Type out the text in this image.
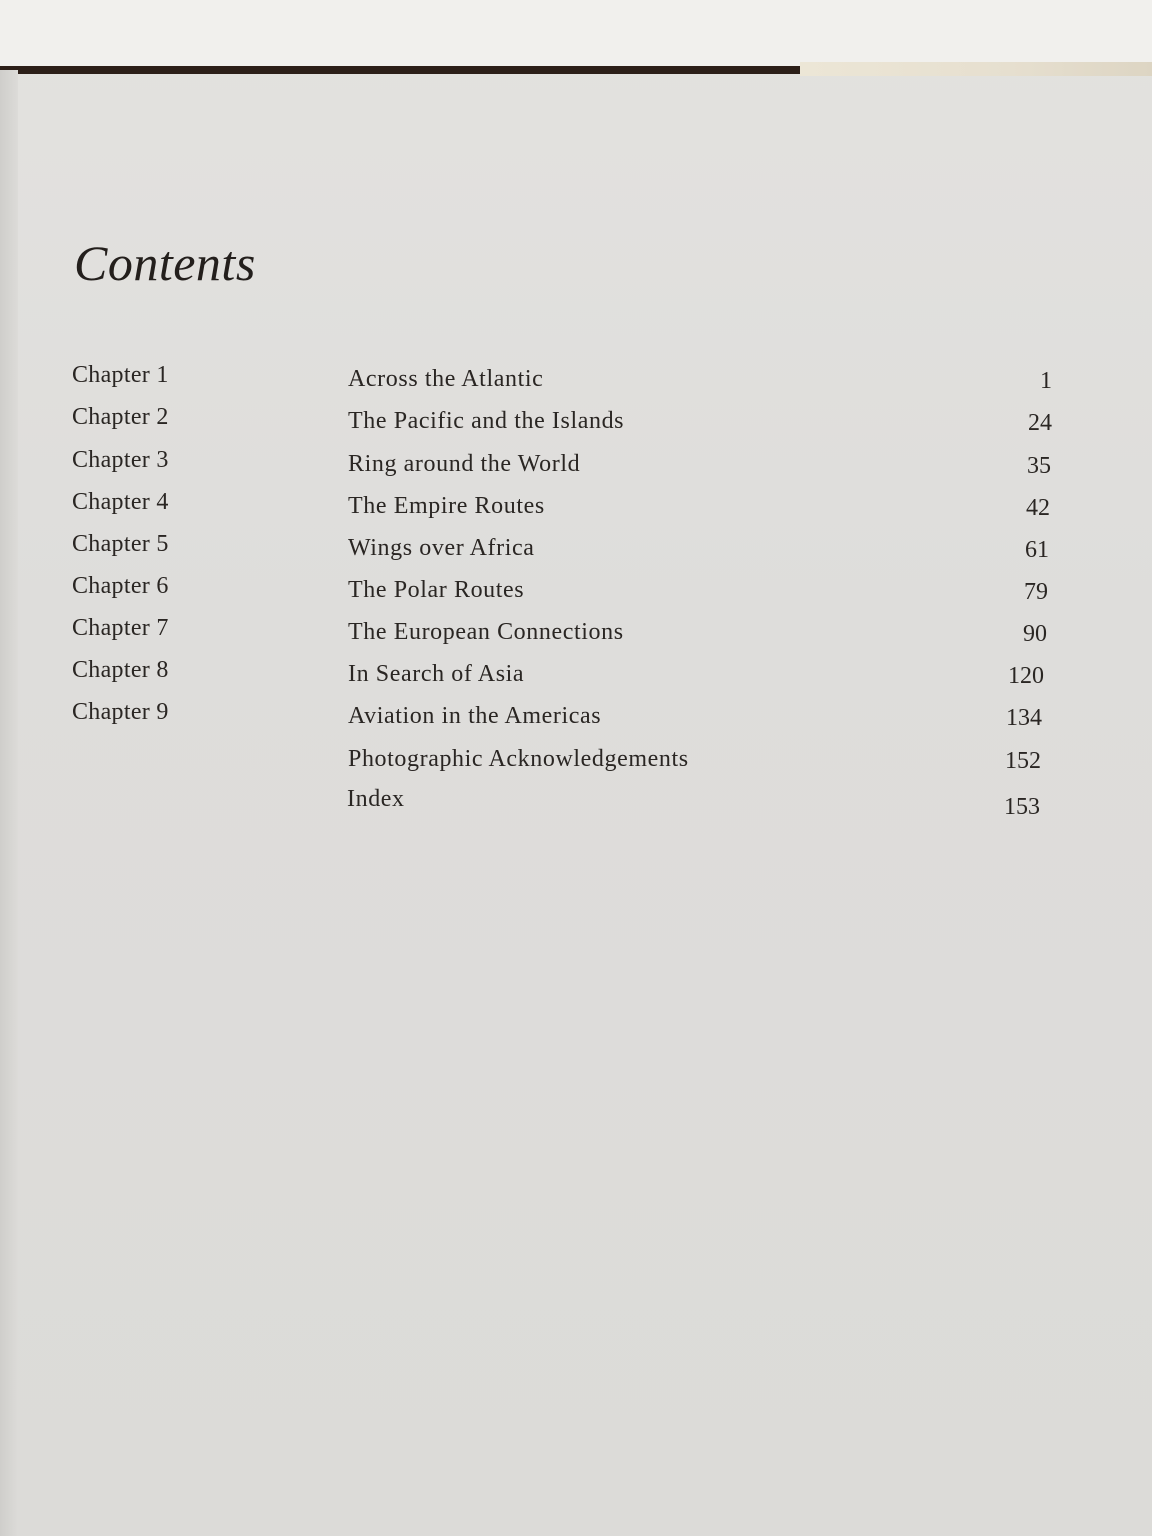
Contents
Chapter 1	Across the Atlantic	1
Chapter 2	The Pacific and the Islands	24
Chapter 3	Ring around the World	35
Chapter 4	The Empire Routes	42
Chapter 5	Wings over Africa	61
Chapter 6	The Polar Routes	79
Chapter 7	The European Connections	90
Chapter 8	In Search of Asia	120
Chapter 9	Aviation in the Americas	134
Photographic Acknowledgements	152
Index	153
